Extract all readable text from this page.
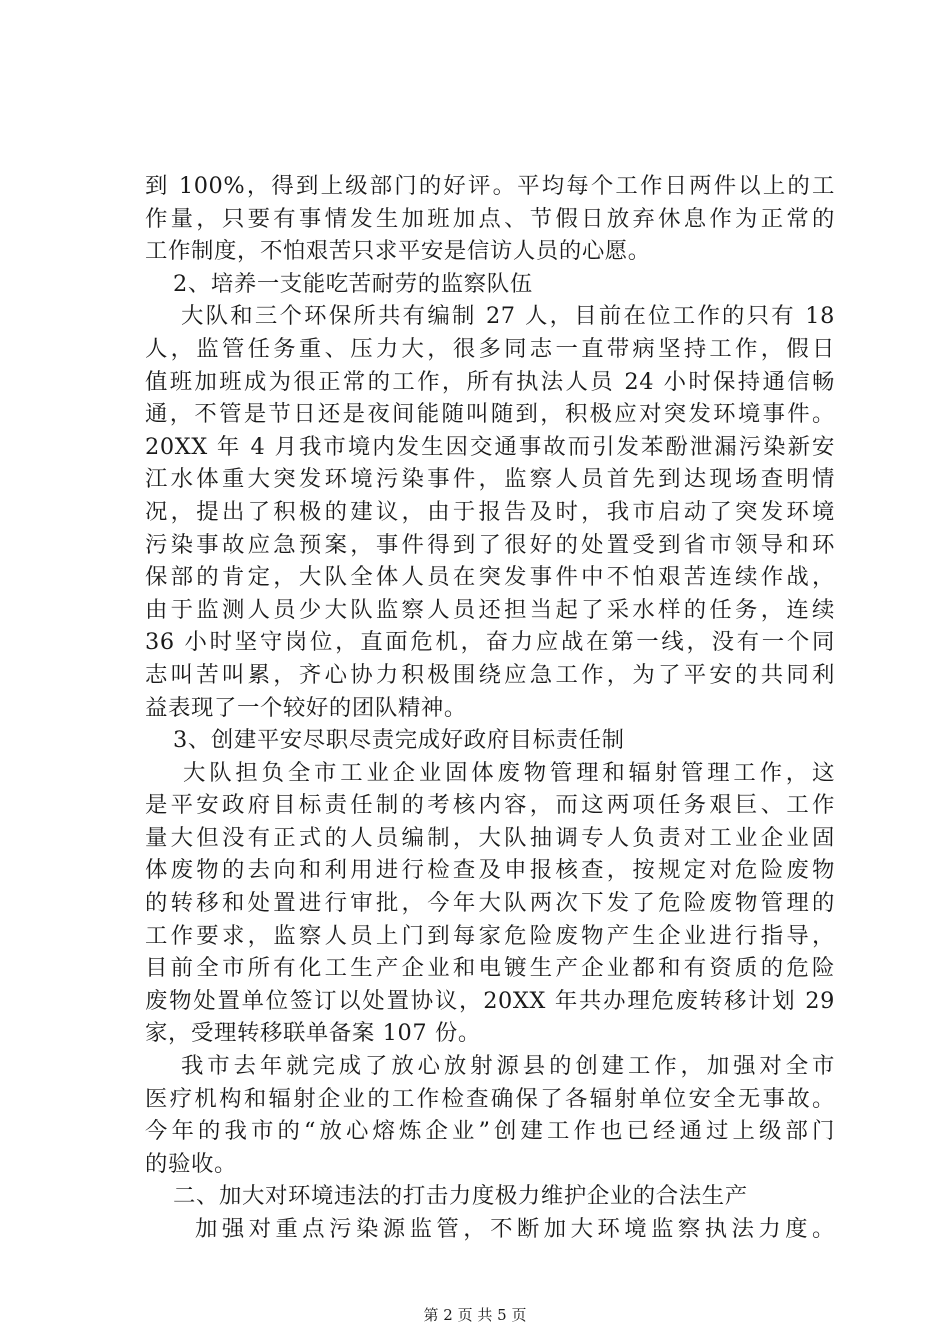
到 100%，得到上级部门的好评。平均每个工作日两件以上的工
作量，只要有事情发生加班加点、节假日放弃休息作为正常的
工作制度，不怕艰苦只求平安是信访人员的心愿。
2、培养一支能吃苦耐劳的监察队伍
大队和三个环保所共有编制 27 人，目前在位工作的只有 18
人，监管任务重、压力大，很多同志一直带病坚持工作，假日
值班加班成为很正常的工作，所有执法人员 24 小时保持通信畅
通，不管是节日还是夜间能随叫随到，积极应对突发环境事件。
20XX 年 4 月我市境内发生因交通事故而引发苯酚泄漏污染新安
江水体重大突发环境污染事件，监察人员首先到达现场查明情
况，提出了积极的建议，由于报告及时，我市启动了突发环境
污染事故应急预案，事件得到了很好的处置受到省市领导和环
保部的肯定，大队全体人员在突发事件中不怕艰苦连续作战，
由于监测人员少大队监察人员还担当起了采水样的任务，连续
36 小时坚守岗位，直面危机，奋力应战在第一线，没有一个同
志叫苦叫累，齐心协力积极围绕应急工作，为了平安的共同利
益表现了一个较好的团队精神。
3、创建平安尽职尽责完成好政府目标责任制
大队担负全市工业企业固体废物管理和辐射管理工作，这
是平安政府目标责任制的考核内容，而这两项任务艰巨、工作
量大但没有正式的人员编制，大队抽调专人负责对工业企业固
体废物的去向和利用进行检查及申报核查，按规定对危险废物
的转移和处置进行审批，今年大队两次下发了危险废物管理的
工作要求，监察人员上门到每家危险废物产生企业进行指导，
目前全市所有化工生产企业和电镀生产企业都和有资质的危险
废物处置单位签订以处置协议，20XX 年共办理危废转移计划 29
家，受理转移联单备案 107 份。
我市去年就完成了放心放射源县的创建工作，加强对全市
医疗机构和辐射企业的工作检查确保了各辐射单位安全无事故。
今年的我市的“放心熔炼企业”创建工作也已经通过上级部门
的验收。
二、加大对环境违法的打击力度极力维护企业的合法生产
加强对重点污染源监管，不断加大环境监察执法力度。
第 2 页 共 5 页
